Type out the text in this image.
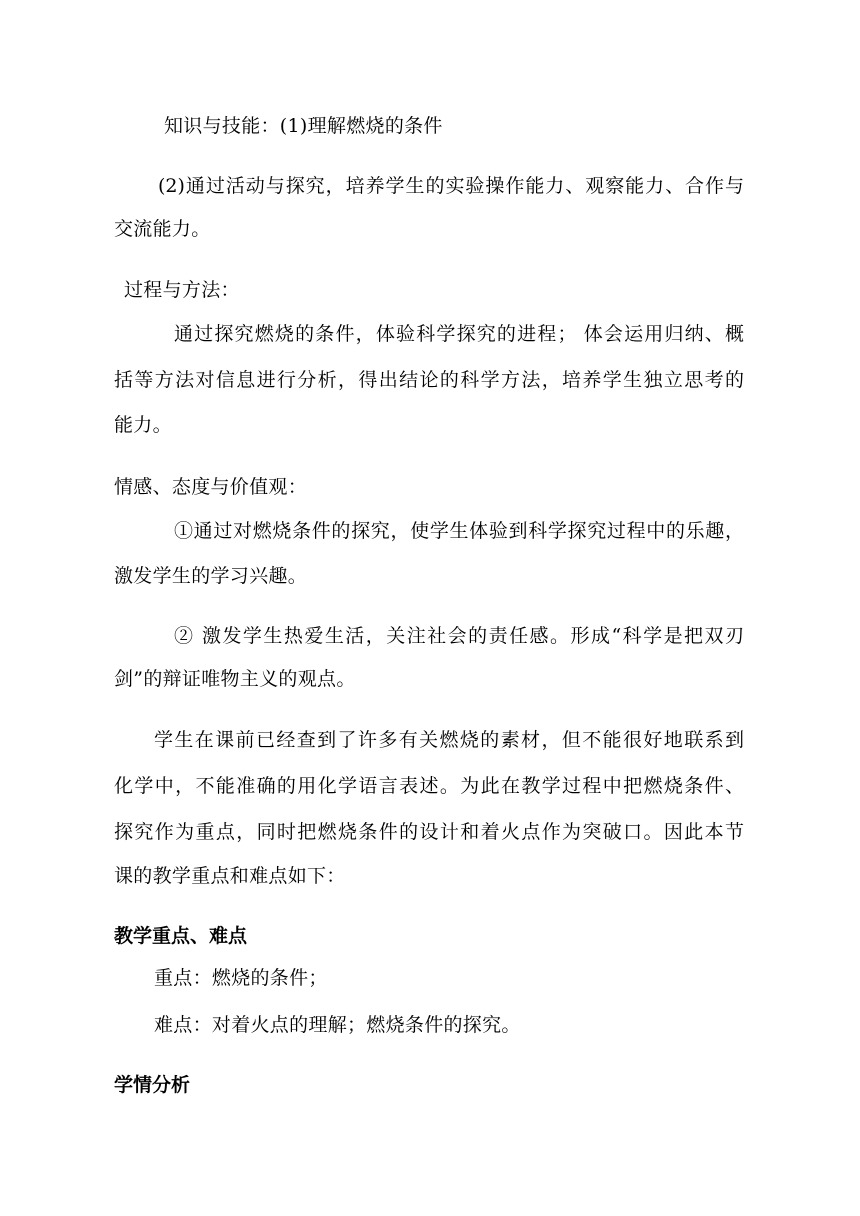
知识与技能：(1)理解燃烧的条件
(2)通过活动与探究，培养学生的实验操作能力、观察能力、合作与
交流能力。
过程与方法：
通过探究燃烧的条件，体验科学探究的进程； 体会运用归纳、概
括等方法对信息进行分析，得出结论的科学方法，培养学生独立思考的
能力。
情感、态度与价值观：
①通过对燃烧条件的探究，使学生体验到科学探究过程中的乐趣，
激发学生的学习兴趣。
② 激发学生热爱生活，关注社会的责任感。形成“科学是把双刃
剑”的辩证唯物主义的观点。
学生在课前已经查到了许多有关燃烧的素材，但不能很好地联系到
化学中，不能准确的用化学语言表述。为此在教学过程中把燃烧条件、
探究作为重点，同时把燃烧条件的设计和着火点作为突破口。因此本节
课的教学重点和难点如下：
教学重点、难点
重点：燃烧的条件；
难点：对着火点的理解；燃烧条件的探究。
学情分析
